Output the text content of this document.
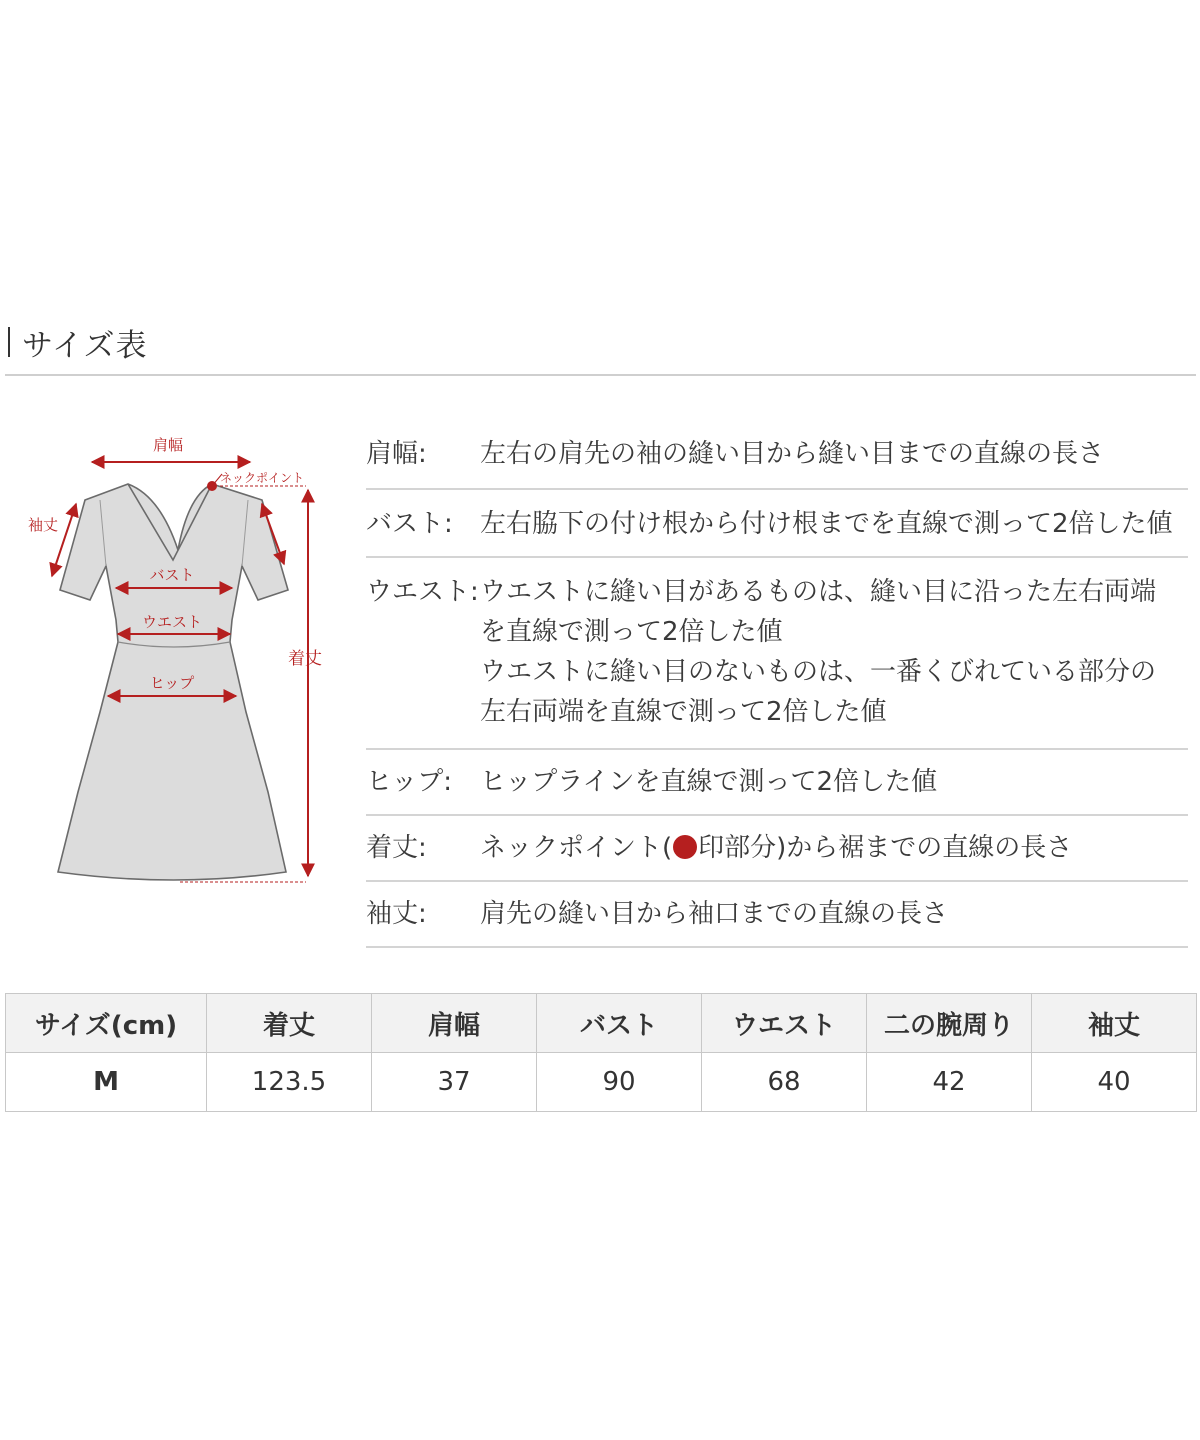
サイズ表
肩幅
ネックポイント
袖丈
バスト
ウエスト
ヒップ
着丈
肩幅:	左右の肩先の袖の縫い目から縫い目までの直線の長さ
バスト:	左右脇下の付け根から付け根までを直線で測って2倍した値
ウエスト: ウエストに縫い目があるものは、縫い目に沿った左右両端
を直線で測って2倍した値
ウエストに縫い目のないものは、一番くびれている部分の
左右両端を直線で測って2倍した値
ヒップ:	ヒップラインを直線で測って2倍した値
着丈:	ネックポイント( 印部分)から裾までの直線の長さ
袖丈:	肩先の縫い目から袖口までの直線の長さ
サイズ(cm)	着丈	肩幅	バスト	ウエスト	二の腕周り	袖丈
M	123.5	37	90	68	42	40
